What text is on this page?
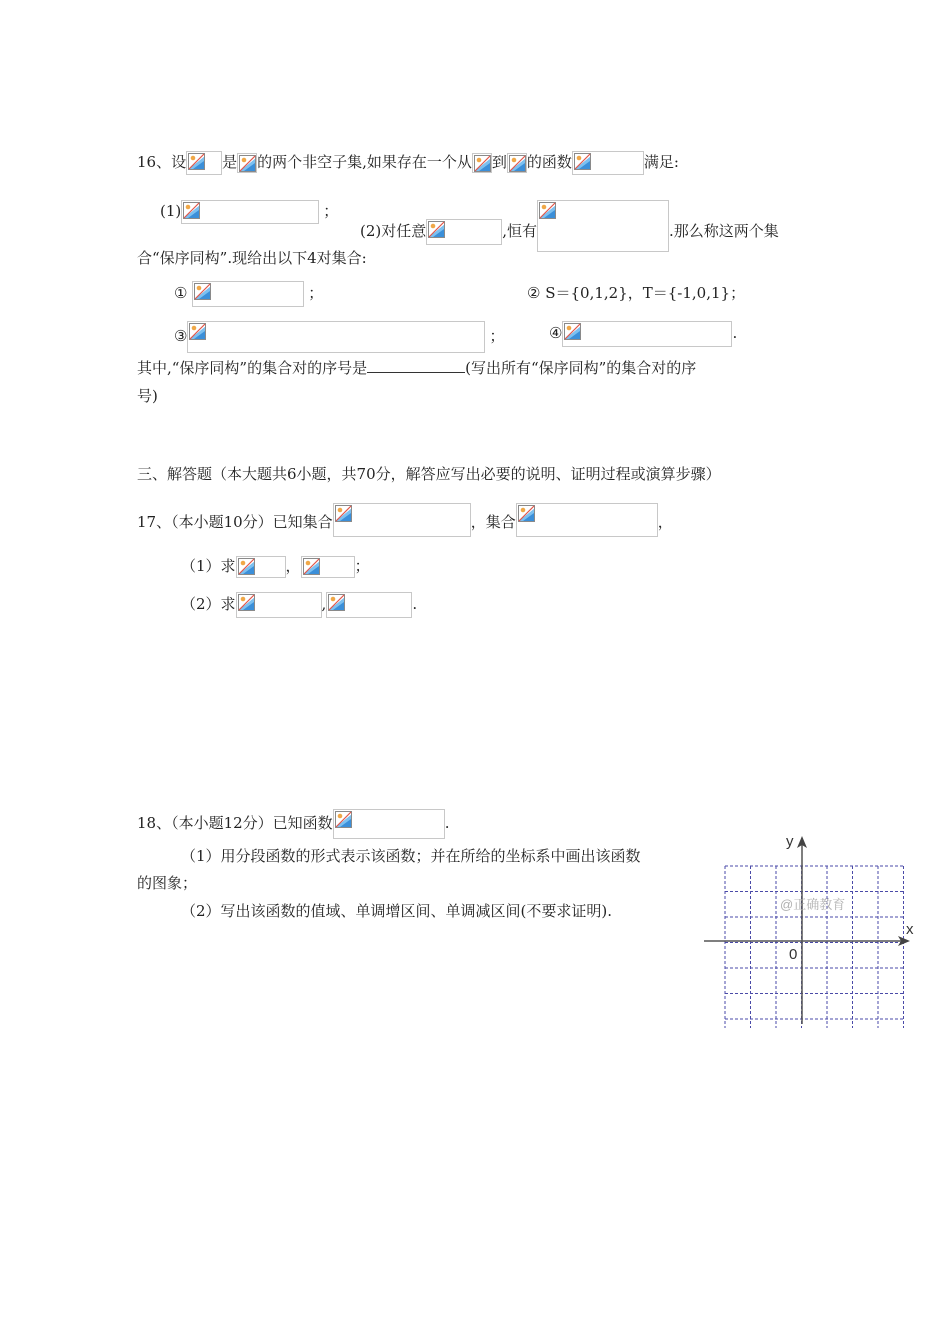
16、设 是 的两个非空子集,如果存在一个从 到 的函数	满足:
(1)	；
(2)对任意	,恒有	.那么称这两个集
合“保序同构”.现给出以下4对集合:
①	；	② S＝{0,1,2}，T＝{-1,0,1}；
③	；	④	.
其中,“保序同构”的集合对的序号是	(写出所有“保序同构”的集合对的序
号)
三、解答题（本大题共6小题，共70分，解答应写出必要的说明、证明过程或演算步骤）
17、（本小题10分）已知集合	，集合	，
（1）求	，	；
（2）求	,	.
18、（本小题12分）已知函数	.
（1）用分段函数的形式表示该函数；并在所给的坐标系中画出该函数
的图象；
（2）写出该函数的值域、单调增区间、单调减区间(不要求证明).
y
x
0
@正确教育
